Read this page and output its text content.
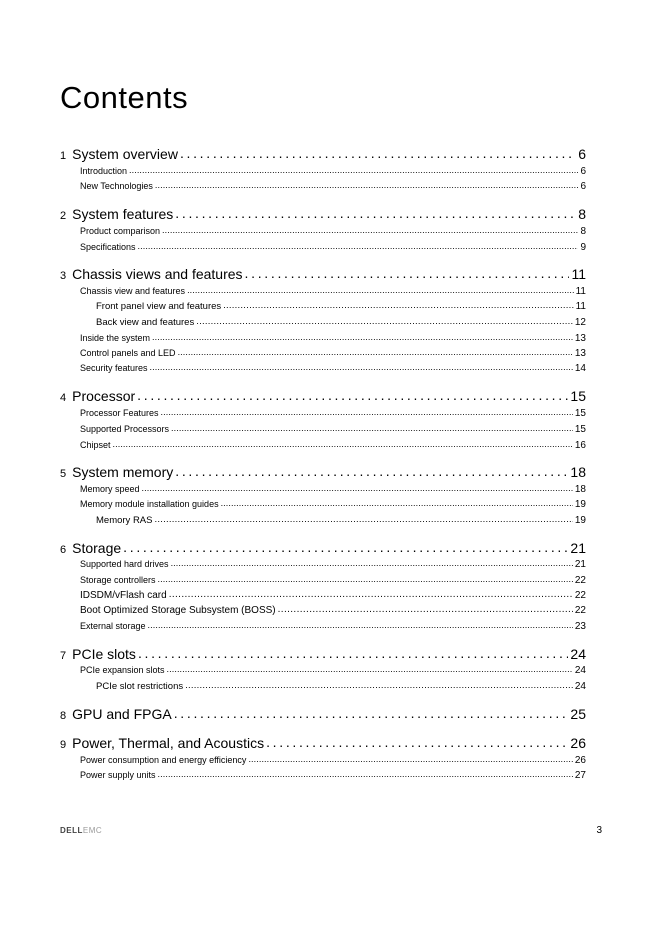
Contents
1 System overview . . .	6
Introduction . . .	6
New Technologies . . .	6
2 System features . . .	8
Product comparison . . .	8
Specifications . . .	9
3 Chassis views and features . . .	11
Chassis view and features . . .	11
Front panel view and features . . .	11
Back view and features . . .	12
Inside the system . . .	13
Control panels and LED . . .	13
Security features . . .	14
4 Processor . . .	15
Processor Features . . .	15
Supported Processors . . .	15
Chipset . . .	16
5 System memory . . .	18
Memory speed . . .	18
Memory module installation guides . . .	19
Memory RAS . . .	19
6 Storage . . .	21
Supported hard drives . . .	21
Storage controllers . . .	22
IDSDM/vFlash card . . .	22
Boot Optimized Storage Subsystem (BOSS) . . .	22
External storage . . .	23
7 PCIe slots . . .	24
PCIe expansion slots . . .	24
PCIe slot restrictions . . .	24
8 GPU and FPGA . . .	25
9 Power, Thermal, and Acoustics . . .	26
Power consumption and energy efficiency . . .	26
Power supply units . . .	27
DELLEMC	3
